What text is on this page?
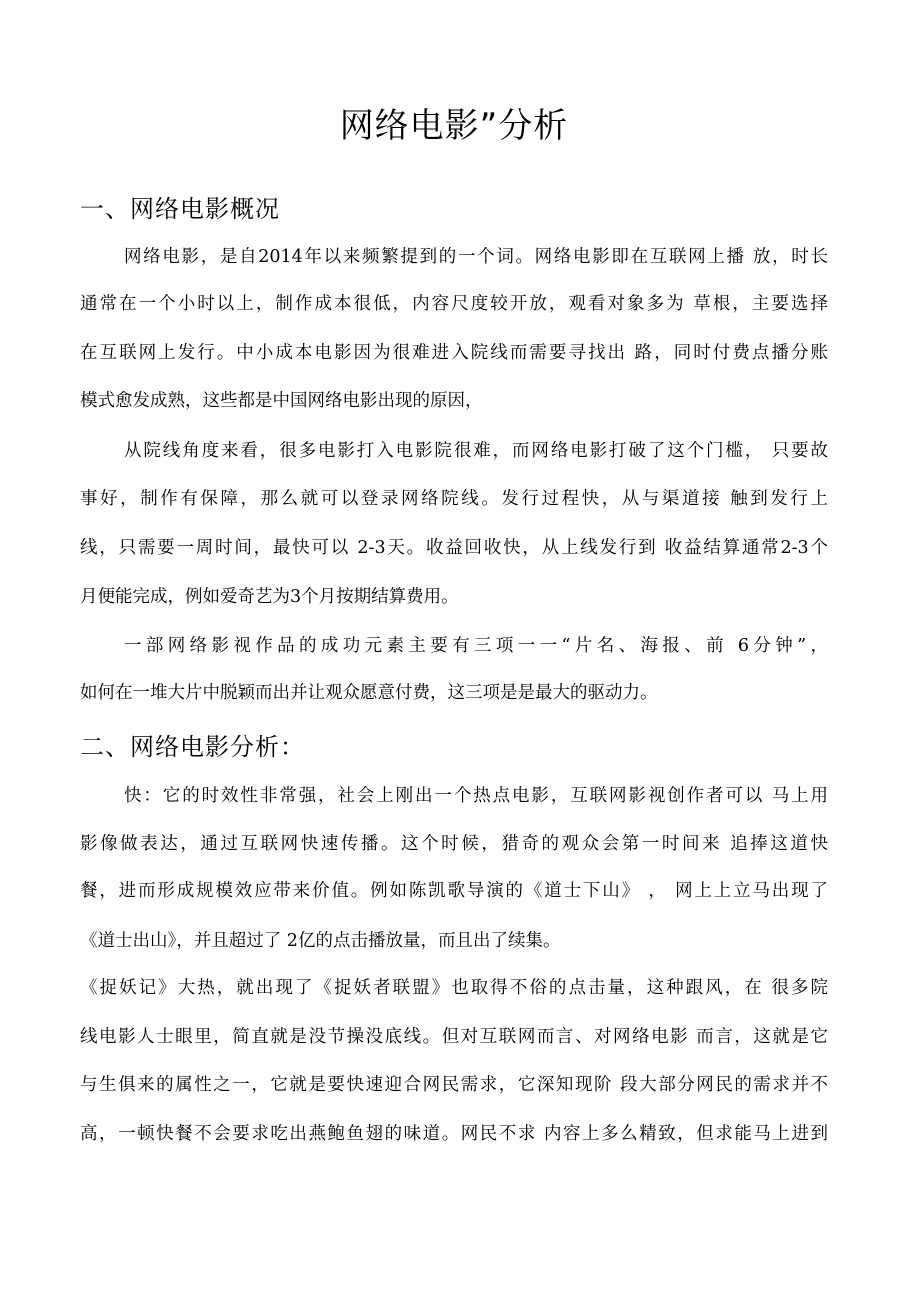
网络电影”分析
一、网络电影概况

网络电影，是自2014年以来频繁提到的一个词。网络电影即在互联网上播 放，时长

通常在一个小时以上，制作成本很低，内容尺度较开放，观看对象多为 草根，主要选择

在互联网上发行。中小成本电影因为很难进入院线而需要寻找出 路，同时付费点播分账

模式愈发成熟，这些都是中国网络电影出现的原因，

从院线角度来看，很多电影打入电影院很难，而网络电影打破了这个门槛， 只要故

事好，制作有保障，那么就可以登录网络院线。发行过程快，从与渠道接 触到发行上

线，只需要一周时间，最快可以 2-3天。收益回收快，从上线发行到 收益结算通常2-3个

月便能完成，例如爱奇艺为3个月按期结算费用。

一部网络影视作品的成功元素主要有三项一一“片名、海报、前 6分钟”，

如何在一堆大片中脱颖而出并让观众愿意付费，这三项是是最大的驱动力。

二、网络电影分析：

快：它的时效性非常强，社会上刚出一个热点电影，互联网影视创作者可以 马上用

影像做表达，通过互联网快速传播。这个时候，猎奇的观众会第一时间来 追捧这道快

餐，进而形成规模效应带来价值。例如陈凯歌导演的《道士下山》 ， 网上上立马出现了

《道士出山》，并且超过了 2亿的点击播放量，而且出了续集。

《捉妖记》大热，就出现了《捉妖者联盟》也取得不俗的点击量，这种跟风，在 很多院

线电影人士眼里，简直就是没节操没底线。但对互联网而言、对网络电影 而言，这就是它

与生俱来的属性之一，它就是要快速迎合网民需求，它深知现阶 段大部分网民的需求并不

高，一顿快餐不会要求吃出燕鲍鱼翅的味道。网民不求 内容上多么精致，但求能马上进到
